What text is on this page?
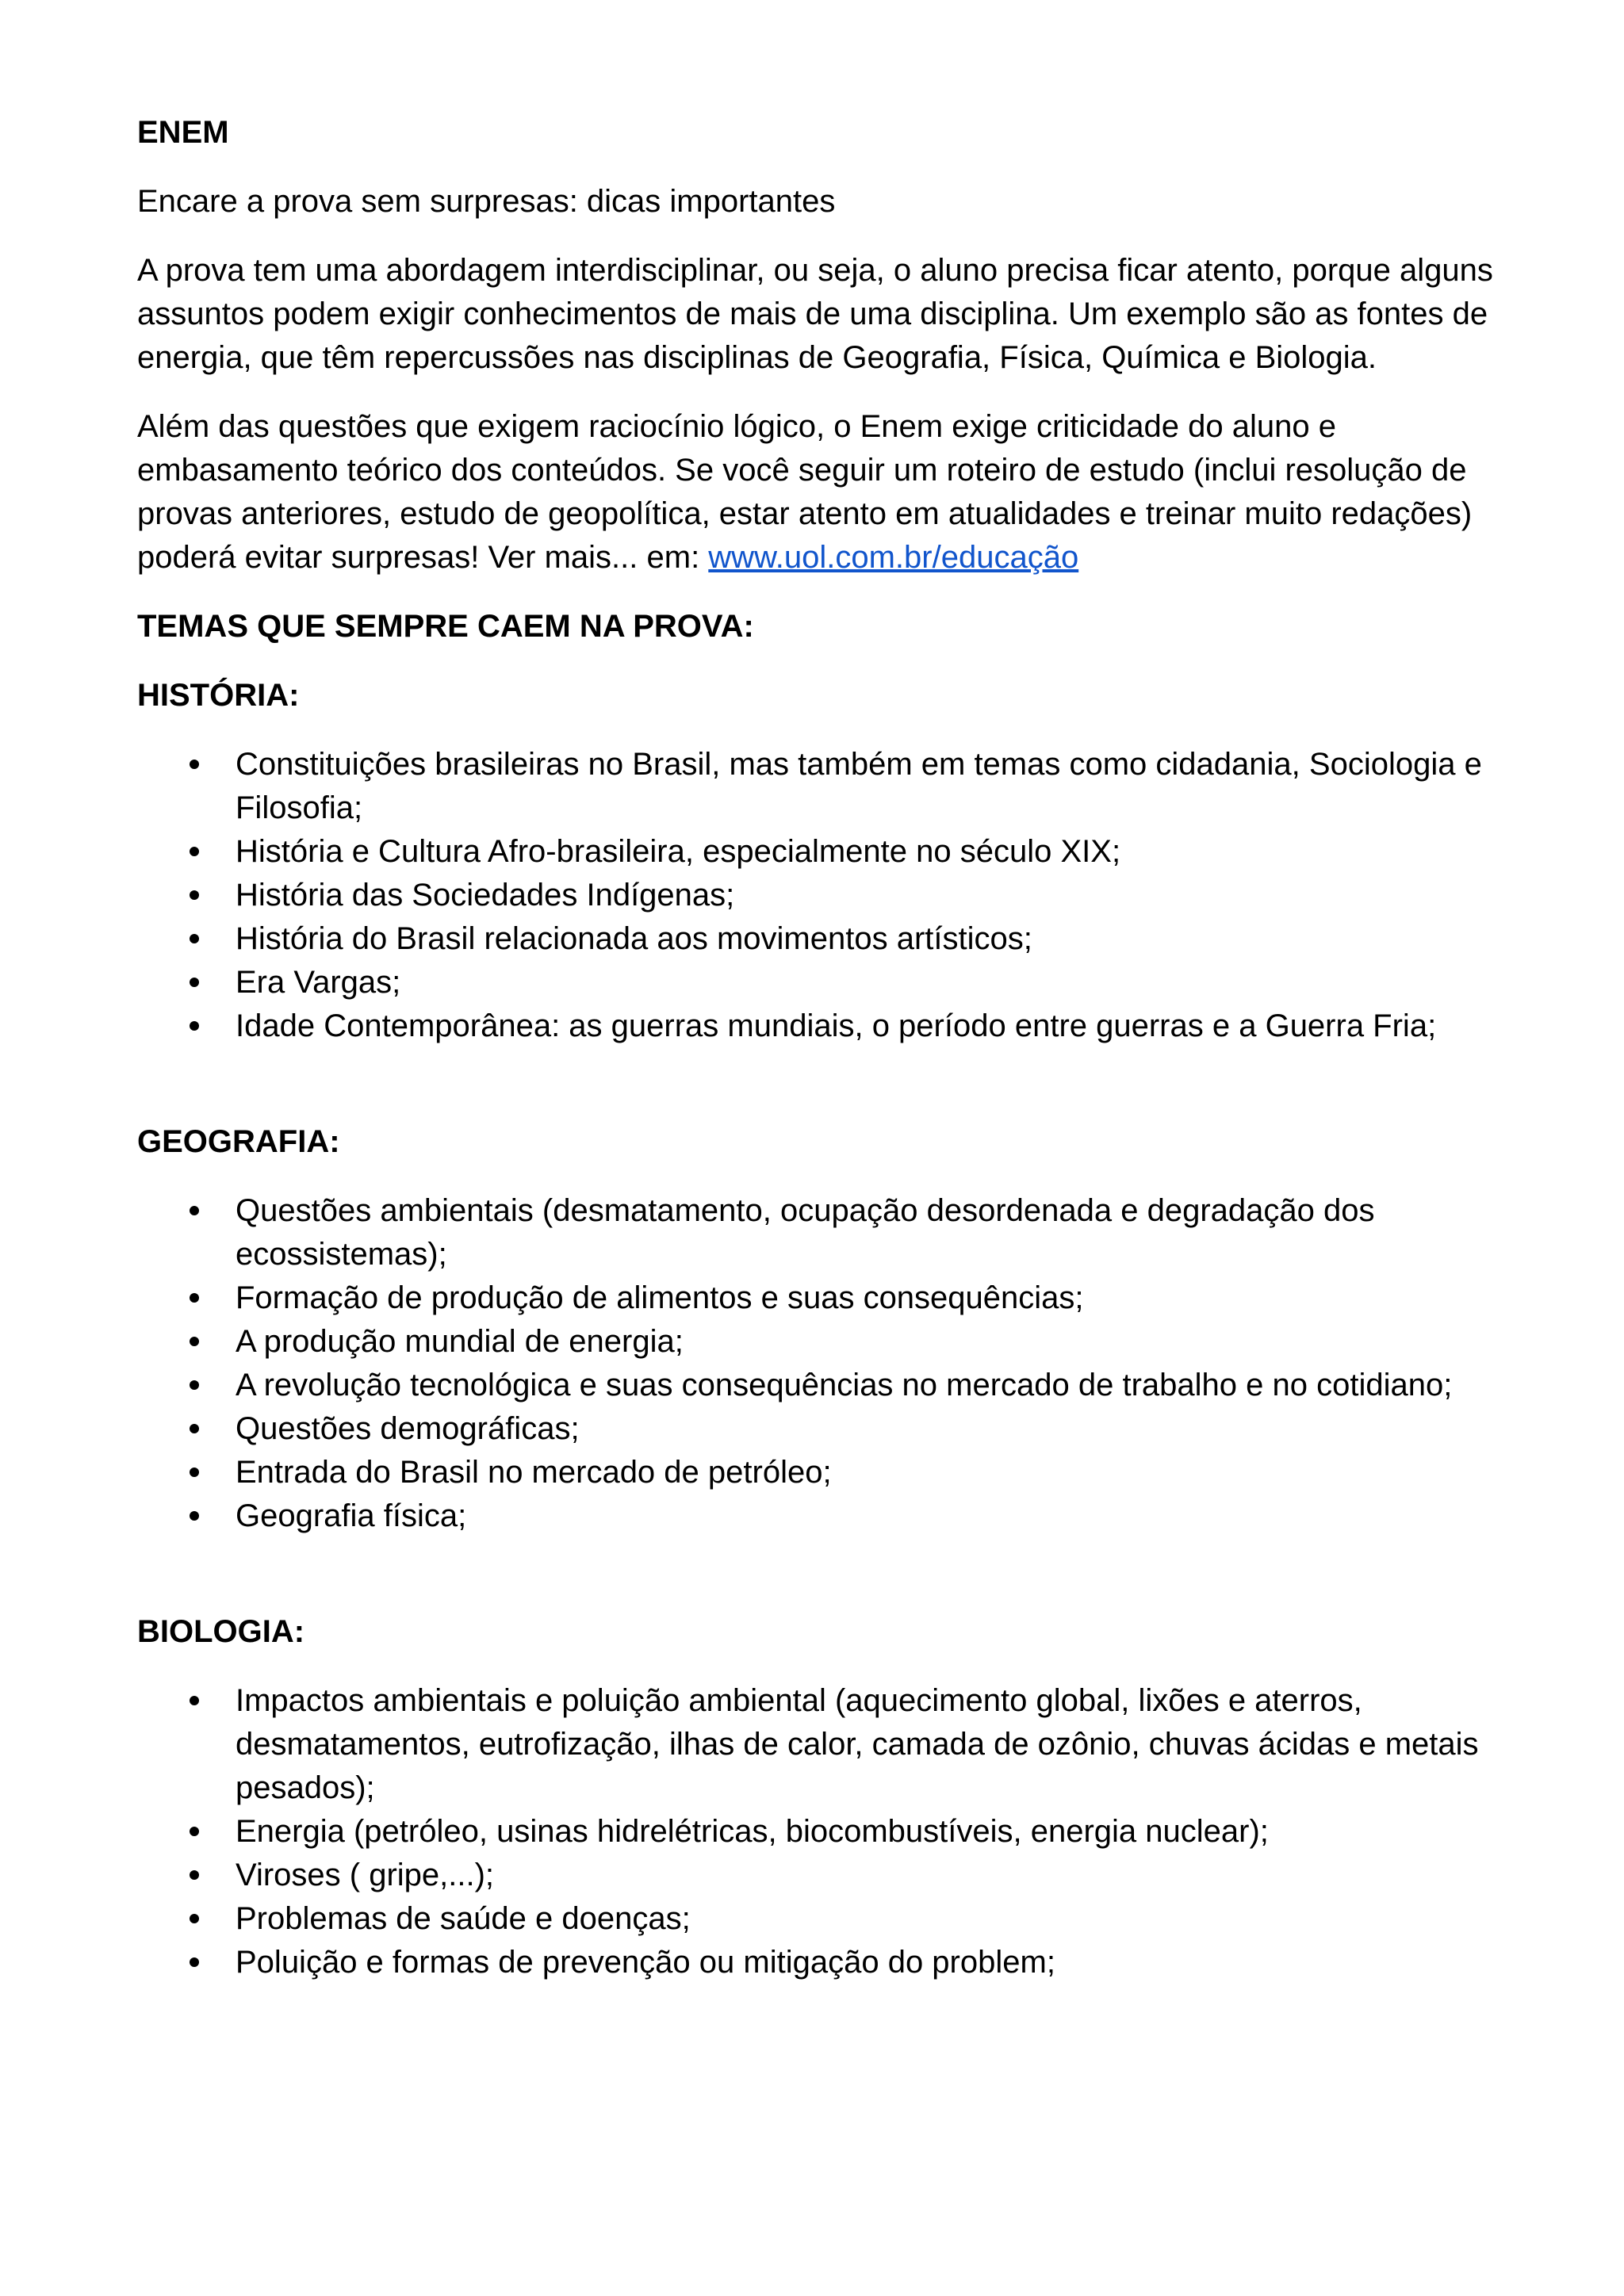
ENEM
Encare a prova sem surpresas: dicas importantes
A prova tem uma abordagem interdisciplinar, ou seja, o aluno precisa ficar atento, porque alguns assuntos podem exigir conhecimentos de mais de uma disciplina. Um exemplo são as fontes de energia, que têm repercussões nas disciplinas de Geografia, Física, Química e Biologia.
Além das questões que exigem raciocínio lógico, o Enem exige criticidade do aluno e embasamento teórico dos conteúdos. Se você seguir um roteiro de estudo (inclui resolução de provas anteriores, estudo de geopolítica, estar atento em atualidades e treinar muito redações) poderá evitar surpresas! Ver mais... em: www.uol.com.br/educação
TEMAS QUE SEMPRE CAEM NA PROVA:
HISTÓRIA:
Constituições brasileiras no Brasil, mas também em temas como cidadania, Sociologia e Filosofia;
História e Cultura Afro-brasileira, especialmente no século XIX;
História das Sociedades Indígenas;
História do Brasil relacionada aos movimentos artísticos;
Era Vargas;
Idade Contemporânea: as guerras mundiais, o período entre guerras e a Guerra Fria;
GEOGRAFIA:
Questões ambientais (desmatamento, ocupação desordenada e degradação dos ecossistemas);
Formação de produção de alimentos e suas consequências;
A produção mundial de energia;
A revolução tecnológica e suas consequências no mercado de trabalho e no cotidiano;
Questões demográficas;
Entrada do Brasil no mercado de petróleo;
Geografia física;
BIOLOGIA:
Impactos ambientais e poluição ambiental (aquecimento global, lixões e aterros, desmatamentos, eutrofização, ilhas de calor, camada de ozônio, chuvas ácidas e metais pesados);
Energia (petróleo, usinas hidrelétricas, biocombustíveis, energia nuclear);
Viroses ( gripe,...);
Problemas de saúde e doenças;
Poluição e formas de prevenção ou mitigação do problem;
